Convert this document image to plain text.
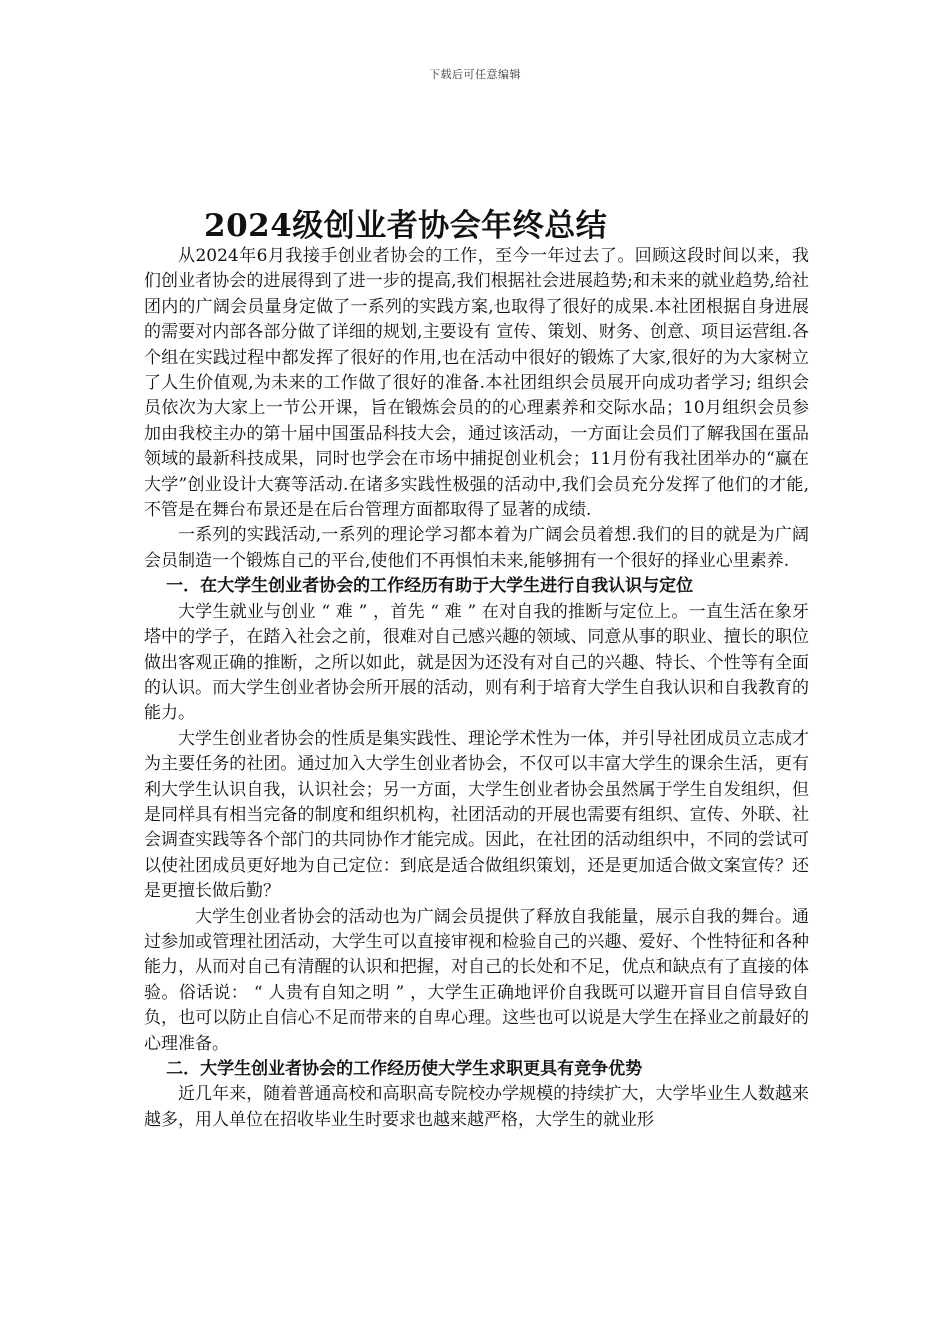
下载后可任意编辑
2024级创业者协会年终总结

从2024年6月我接手创业者协会的工作，至今一年过去了。回顾这段时间以来，我们创业者协会的进展得到了进一步的提高,我们根据社会进展趋势;和未来的就业趋势,给社团内的广阔会员量身定做了一系列的实践方案,也取得了很好的成果.本社团根据自身进展的需要对内部各部分做了详细的规划,主要设有 宣传、策划、财务、创意、项目运营组.各个组在实践过程中都发挥了很好的作用,也在活动中很好的锻炼了大家,很好的为大家树立了人生价值观,为未来的工作做了很好的准备.本社团组织会员展开向成功者学习; 组织会员依次为大家上一节公开课，旨在锻炼会员的的心理素养和交际水品；10月组织会员参加由我校主办的第十届中国蛋品科技大会，通过该活动，一方面让会员们了解我国在蛋品领域的最新科技成果，同时也学会在市场中捕捉创业机会；11月份有我社团举办的“赢在大学”创业设计大赛等活动.在诸多实践性极强的活动中,我们会员充分发挥了他们的才能,不管是在舞台布景还是在后台管理方面都取得了显著的成绩.

一系列的实践活动,一系列的理论学习都本着为广阔会员着想.我们的目的就是为广阔会员制造一个锻炼自己的平台,使他们不再惧怕未来,能够拥有一个很好的择业心里素养.

一．在大学生创业者协会的工作经历有助于大学生进行自我认识与定位

大学生就业与创业 “ 难 ” ，首先 “ 难 ” 在对自我的推断与定位上。一直生活在象牙塔中的学子，在踏入社会之前，很难对自己感兴趣的领域、同意从事的职业、擅长的职位做出客观正确的推断，之所以如此，就是因为还没有对自己的兴趣、特长、个性等有全面的认识。而大学生创业者协会所开展的活动，则有利于培育大学生自我认识和自我教育的能力。

大学生创业者协会的性质是集实践性、理论学术性为一体，并引导社团成员立志成才为主要任务的社团。通过加入大学生创业者协会，不仅可以丰富大学生的课余生活，更有利大学生认识自我，认识社会；另一方面，大学生创业者协会虽然属于学生自发组织，但是同样具有相当完备的制度和组织机构，社团活动的开展也需要有组织、宣传、外联、社会调查实践等各个部门的共同协作才能完成。因此，在社团的活动组织中，不同的尝试可以使社团成员更好地为自己定位：到底是适合做组织策划，还是更加适合做文案宣传？还是更擅长做后勤？

大学生创业者协会的活动也为广阔会员提供了释放自我能量，展示自我的舞台。通过参加或管理社团活动，大学生可以直接审视和检验自己的兴趣、爱好、个性特征和各种能力，从而对自己有清醒的认识和把握，对自己的长处和不足，优点和缺点有了直接的体验。俗话说： “ 人贵有自知之明 ” ，大学生正确地评价自我既可以避开盲目自信导致自负，也可以防止自信心不足而带来的自卑心理。这些也可以说是大学生在择业之前最好的心理准备。

二．大学生创业者协会的工作经历使大学生求职更具有竞争优势

近几年来，随着普通高校和高职高专院校办学规模的持续扩大，大学毕业生人数越来越多，用人单位在招收毕业生时要求也越来越严格，大学生的就业形
